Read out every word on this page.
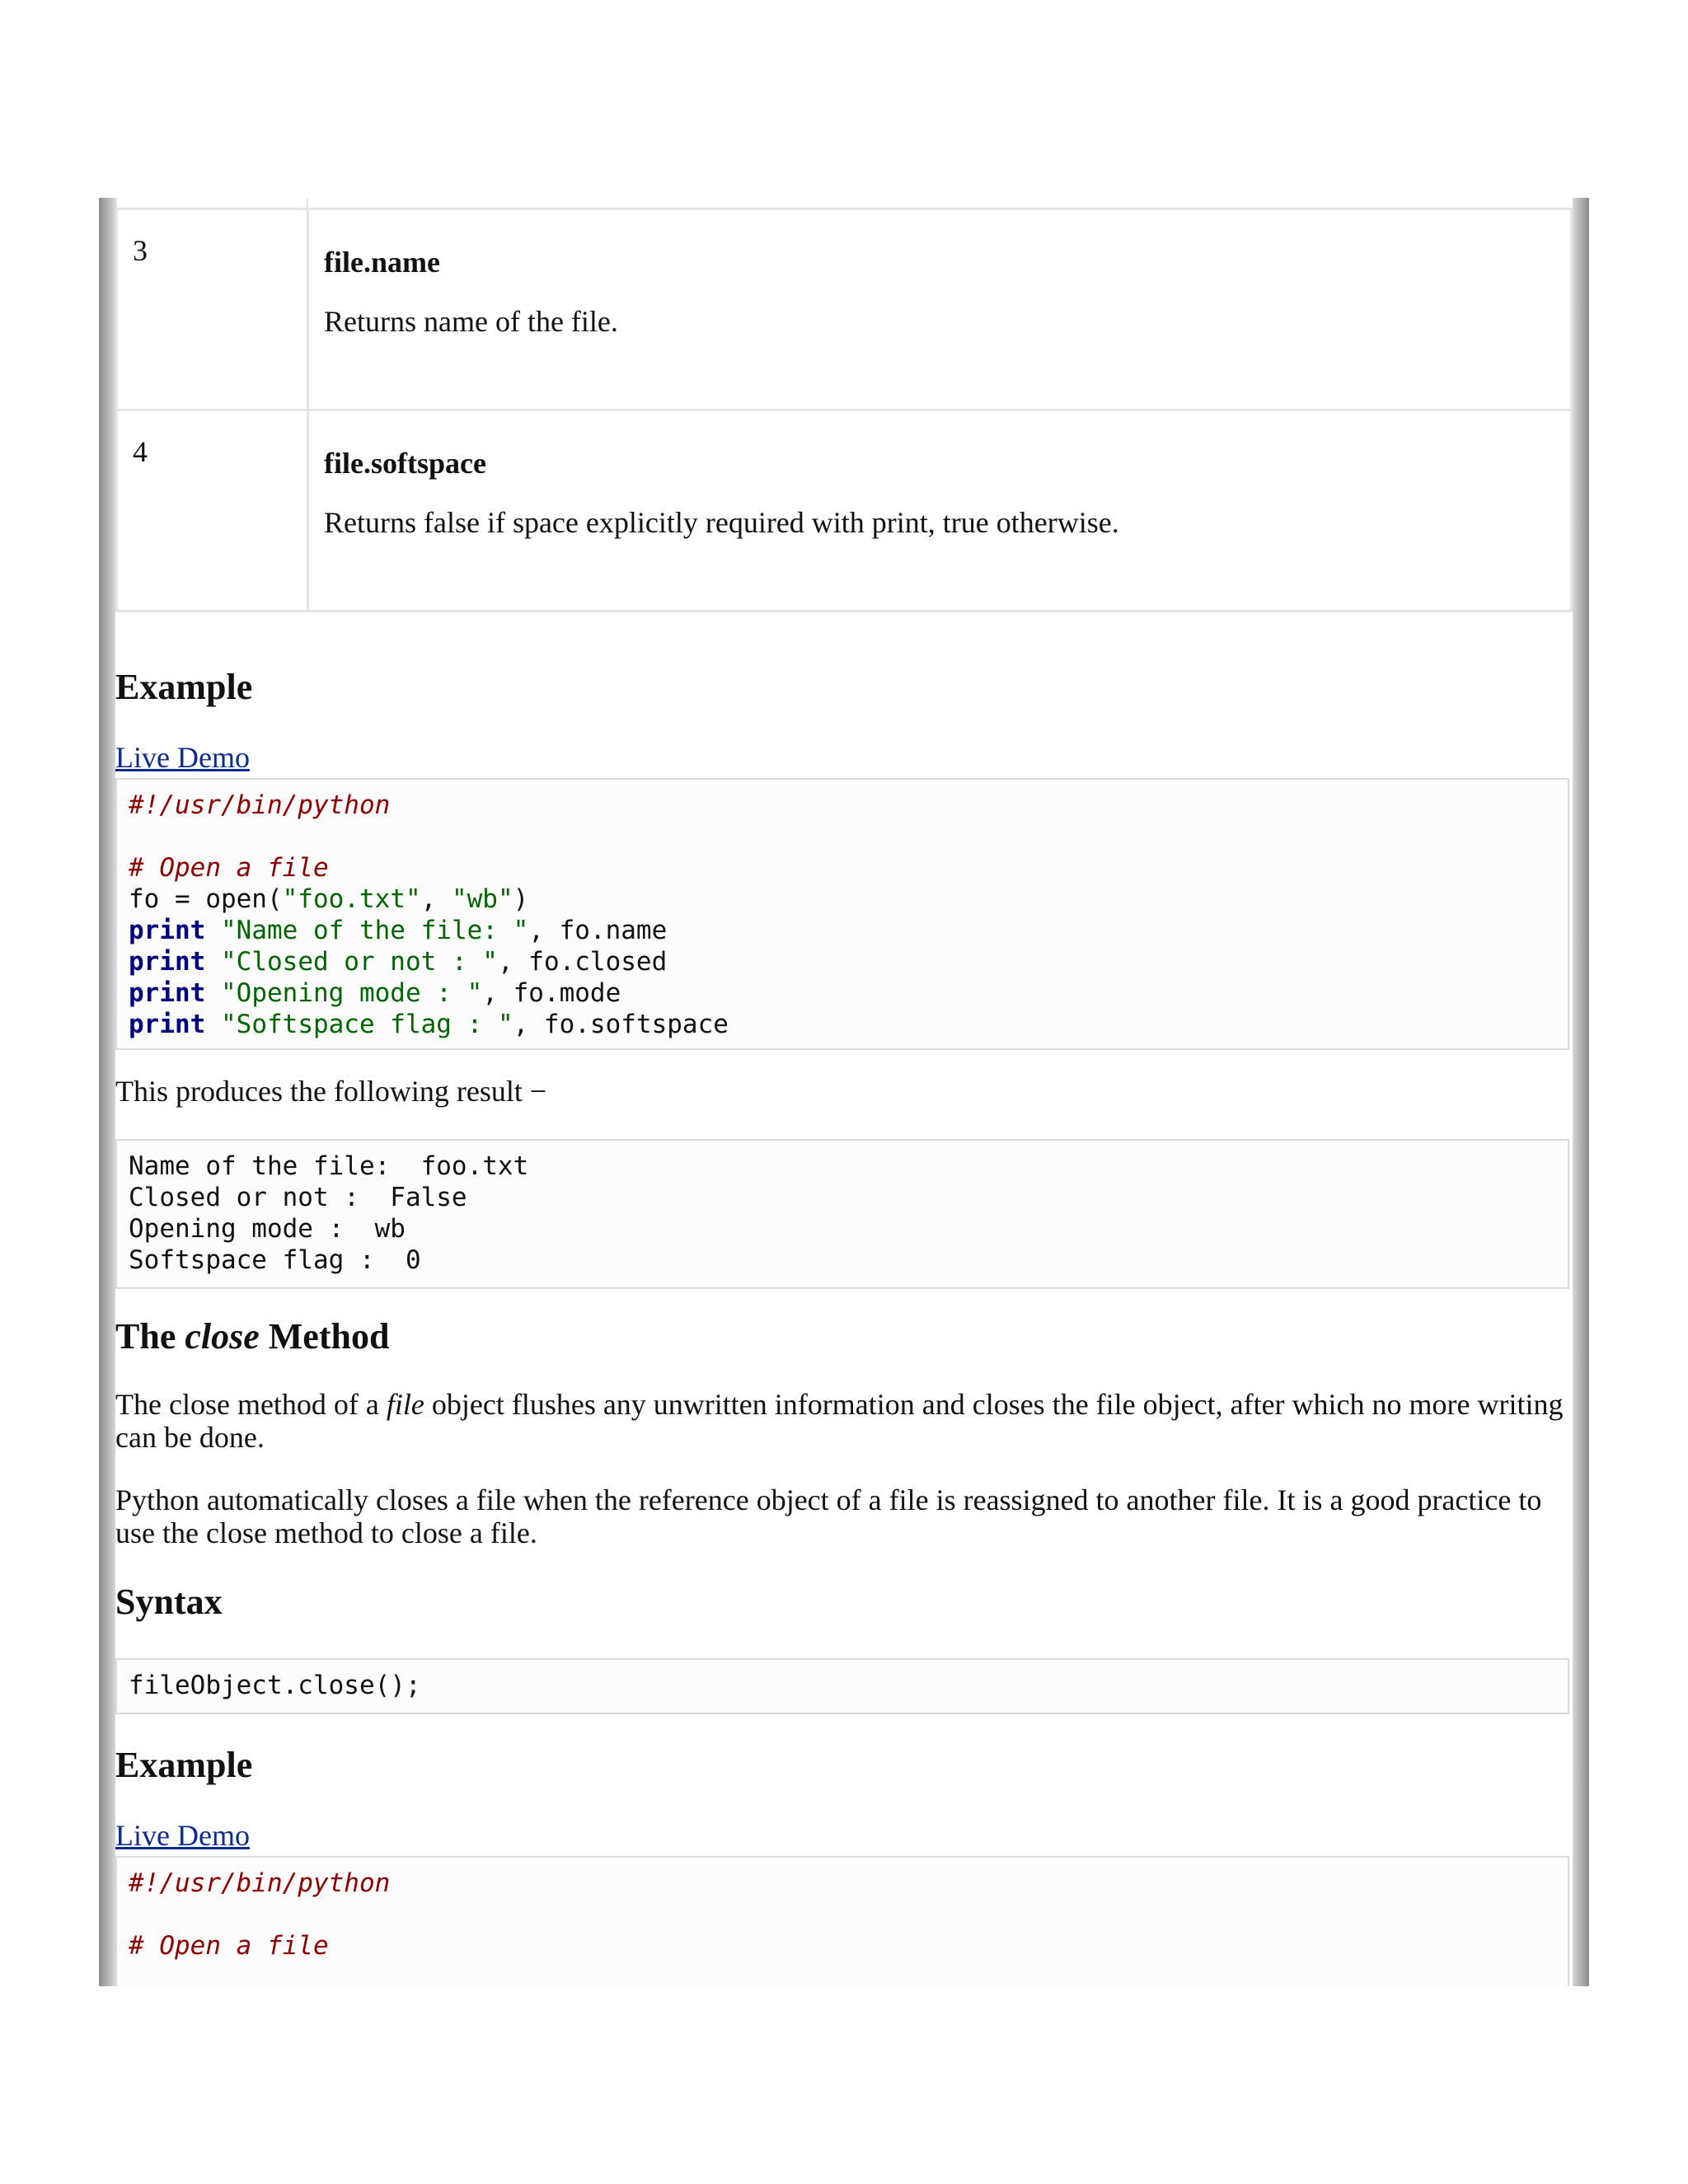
3	file.name

Returns name of the file.

4	file.softspace

Returns false if space explicitly required with print, true otherwise.

Example
Live Demo
#!/usr/bin/python
# Open a file
fo = open("foo.txt", "wb")
print "Name of the file: ", fo.name
print "Closed or not : ", fo.closed
print "Opening mode : ", fo.mode
print "Softspace flag : ", fo.softspace

This produces the following result −

Name of the file:  foo.txt
Closed or not :  False
Opening mode :  wb
Softspace flag :  0
The close Method

The close method of a file object flushes any unwritten information and closes the file object, after which no more writing can be done.

Python automatically closes a file when the reference object of a file is reassigned to another file. It is a good practice to use the close method to close a file.

Syntax
fileObject.close();
Example
Live Demo
#!/usr/bin/python
# Open a file
